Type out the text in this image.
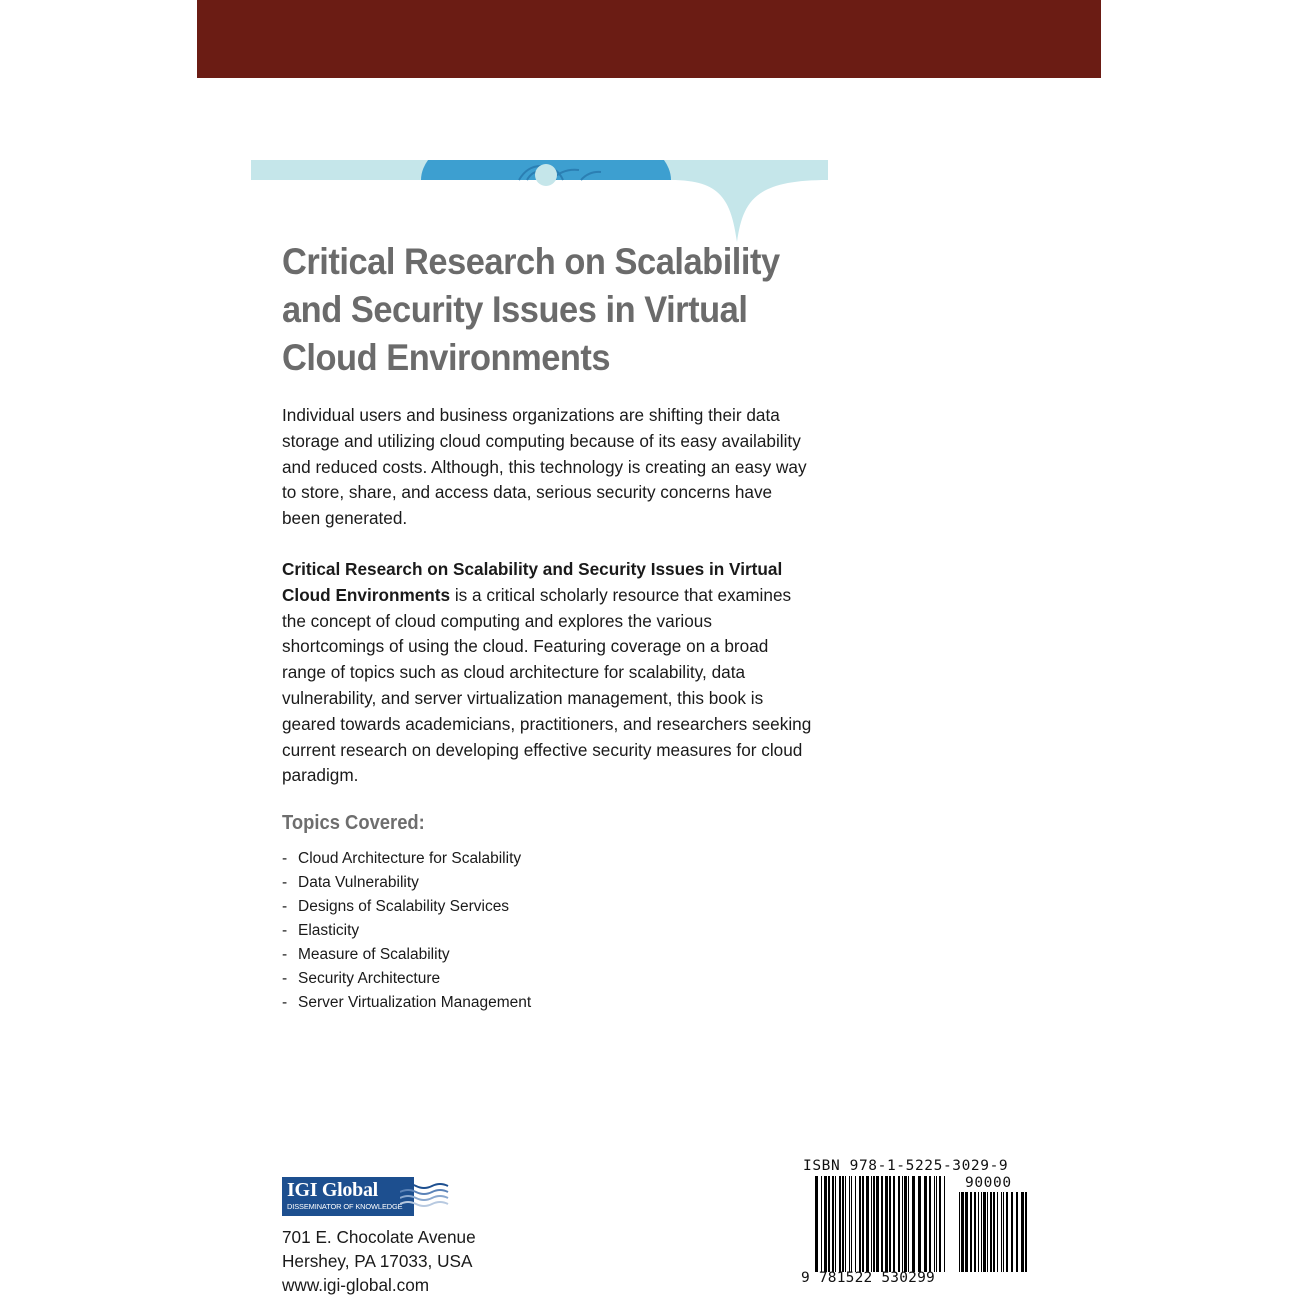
Critical Research on Scalability and Security Issues in Virtual Cloud Environments

Individual users and business organizations are shifting their data storage and utilizing cloud computing because of its easy availability and reduced costs. Although, this technology is creating an easy way to store, share, and access data, serious security concerns have been generated.

Critical Research on Scalability and Security Issues in Virtual Cloud Environments is a critical scholarly resource that examines the concept of cloud computing and explores the various shortcomings of using the cloud. Featuring coverage on a broad range of topics such as cloud architecture for scalability, data vulnerability, and server virtualization management, this book is geared towards academicians, practitioners, and researchers seeking current research on developing effective security measures for cloud paradigm.

Topics Covered:
- Cloud Architecture for Scalability
- Data Vulnerability
- Designs of Scalability Services
- Elasticity
- Measure of Scalability
- Security Architecture
- Server Virtualization Management
IGI Global
DISSEMINATOR OF KNOWLEDGE
701 E. Chocolate Avenue
Hershey, PA 17033, USA
www.igi-global.com
ISBN 978-1-5225-3029-9
90000
9 781522 530299
